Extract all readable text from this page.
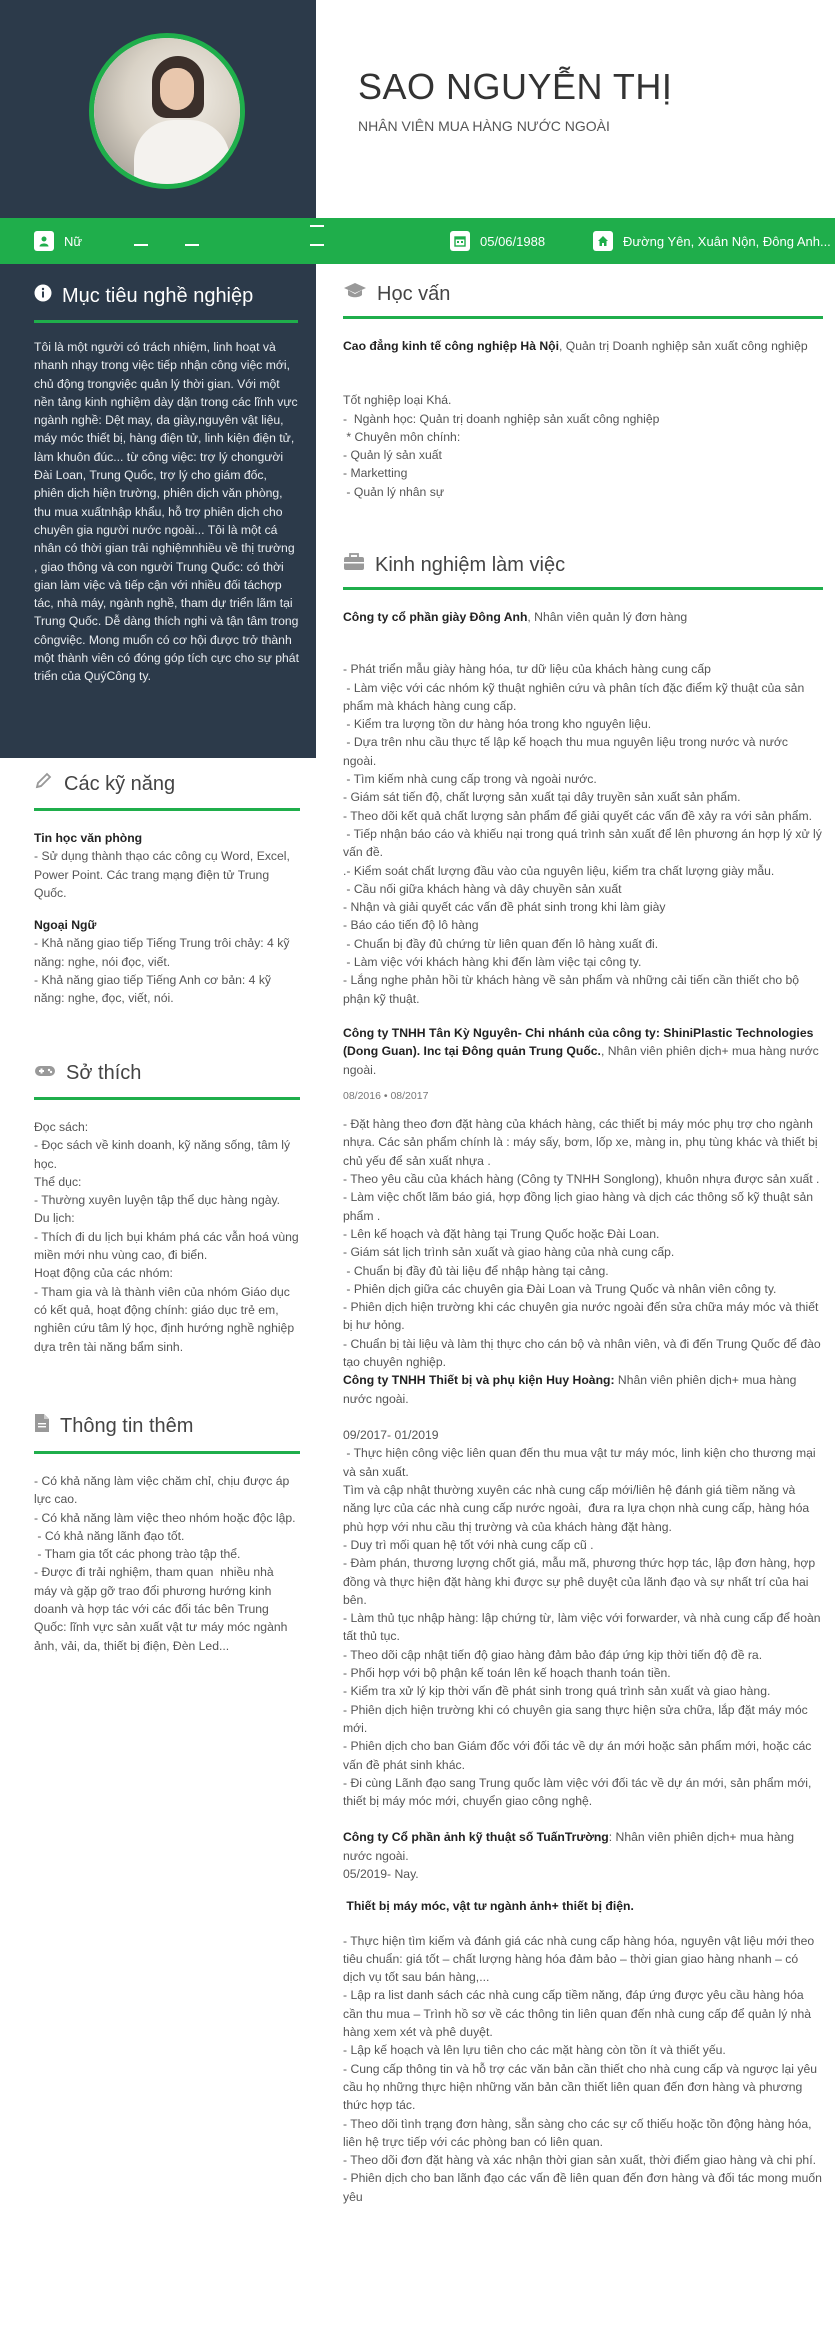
SAO NGUYỄN THỊ
NHÂN VIÊN MUA HÀNG NƯỚC NGOÀI
Nữ	05/06/1988	Đường Yên, Xuân Nộn, Đông Anh...
Mục tiêu nghề nghiệp
Tôi là một người có trách nhiệm, linh hoạt và nhanh nhạy trong việc tiếp nhận công việc mới, chủ động trongviệc quản lý thời gian. Với một nền tảng kinh nghiệm dày dặn trong các lĩnh vực ngành nghề: Dệt may, da giày,nguyên vật liệu, máy móc thiết bị, hàng điện tử, linh kiện điện tử, làm khuôn đúc... từ công việc: trợ lý chongười Đài Loan, Trung Quốc, trợ lý cho giám đốc, phiên dịch hiện trường, phiên dịch văn phòng, thu mua xuấtnhập khẩu, hỗ trợ phiên dịch cho chuyên gia người nước ngoài... Tôi là một cá nhân có thời gian trải nghiệmnhiều về thị trường , giao thông và con người Trung Quốc: có thời gian làm việc và tiếp cận với nhiều đối táchợp tác, nhà máy, ngành nghề, tham dự triển lãm tại Trung Quốc. Dễ dàng thích nghi và tận tâm trong côngviệc. Mong muốn có cơ hội được trở thành một thành viên có đóng góp tích cực cho sự phát triển của QuýCông ty.
Các kỹ năng
Tin học văn phòng
- Sử dụng thành thạo các công cụ Word, Excel, Power Point. Các trang mạng điện tử Trung Quốc.
Ngoại Ngữ
- Khả năng giao tiếp Tiếng Trung trôi chảy: 4 kỹ năng: nghe, nói đọc, viết.
- Khả năng giao tiếp Tiếng Anh cơ bản: 4 kỹ năng: nghe, đọc, viết, nói.
Sở thích
Đọc sách:
- Đọc sách về kinh doanh, kỹ năng sống, tâm lý học.
Thể dục:
- Thường xuyên luyện tập thể dục hàng ngày.
Du lịch:
- Thích đi du lịch bụi khám phá các vẫn hoá vùng miền mới nhu vùng cao, đi biển.
Hoạt động của các nhóm:
- Tham gia và là thành viên của nhóm Giáo dục có kết quả, hoạt động chính: giáo dục trẻ em, nghiên cứu tâm lý học, định hướng nghề nghiệp dựa trên tài năng bẩm sinh.
Thông tin thêm
- Có khả năng làm việc chăm chỉ, chịu được áp lực cao.
- Có khả năng làm việc theo nhóm hoặc độc lập.
- Có khả năng lãnh đạo tốt.
- Tham gia tốt các phong trào tập thể.
- Được đi trải nghiệm, tham quan  nhiều nhà máy và gặp gỡ trao đổi phương hướng kinh doanh và hợp tác với các đối tác bên Trung Quốc: lĩnh vực sản xuất vật tư máy móc ngành ảnh, vải, da, thiết bị điện, Đèn Led...
Học vấn
Cao đẳng kinh tế công nghiệp Hà Nội, Quản trị Doanh nghiệp sản xuất công nghiệp
Tốt nghiệp loại Khá.
-  Ngành học: Quản trị doanh nghiệp sản xuất công nghiệp
* Chuyên môn chính:
- Quản lý sản xuất
- Marketting
- Quản lý nhân sự
Kinh nghiệm làm việc
Công ty cổ phần giày Đông Anh, Nhân viên quản lý đơn hàng
- Phát triển mẫu giày hàng hóa, tư dữ liệu của khách hàng cung cấp
- Làm việc với các nhóm kỹ thuật nghiên cứu và phân tích đặc điểm kỹ thuật của sản phẩm mà khách hàng cung cấp.
- Kiểm tra lượng tồn dư hàng hóa trong kho nguyên liệu.
- Dựa trên nhu cầu thực tế lập kế hoạch thu mua nguyên liệu trong nước và nước ngoài.
- Tìm kiếm nhà cung cấp trong và ngoài nước.
- Giám sát tiến độ, chất lượng sản xuất tại dây truyền sản xuất sản phẩm.
- Theo dõi kết quả chất lượng sản phẩm để giải quyết các vấn đề xảy ra với sản phẩm.
- Tiếp nhận báo cáo và khiếu nại trong quá trình sản xuất để lên phương án hợp lý xử lý vấn đề.
.- Kiểm soát chất lượng đầu vào của nguyên liệu, kiểm tra chất lượng giày mẫu.
- Cầu nối giữa khách hàng và dây chuyền sản xuất
- Nhận và giải quyết các vấn đề phát sinh trong khi làm giày
- Báo cáo tiến độ lô hàng
- Chuẩn bị đầy đủ chứng từ liên quan đến lô hàng xuất đi.
- Làm việc với khách hàng khi đến làm việc tại công ty.
- Lắng nghe phản hồi từ khách hàng về sản phẩm và những cải tiến cần thiết cho bộ phận kỹ thuật.
Công ty TNHH Tân Kỳ Nguyên- Chi nhánh của công ty: ShiniPlastic Technologies (Dong Guan). Inc tại Đông quản Trung Quốc., Nhân viên phiên dịch+ mua hàng nước ngoài.
08/2016 • 08/2017
- Đặt hàng theo đơn đặt hàng của khách hàng, các thiết bị máy móc phụ trợ cho ngành nhựa. Các sản phẩm chính là : máy sấy, bơm, lốp xe, màng in, phụ tùng khác và thiết bị chủ yếu để sản xuất nhựa .
- Theo yêu cầu của khách hàng (Công ty TNHH Songlong), khuôn nhựa được sản xuất .
- Làm việc chốt lãm báo giá, hợp đồng lịch giao hàng và dịch các thông số kỹ thuật sản phẩm .
- Lên kế hoạch và đặt hàng tại Trung Quốc hoặc Đài Loan.
- Giám sát lịch trình sản xuất và giao hàng của nhà cung cấp.
- Chuẩn bị đầy đủ tài liệu để nhập hàng tại cảng.
- Phiên dịch giữa các chuyên gia Đài Loan và Trung Quốc và nhân viên công ty.
- Phiên dịch hiện trường khi các chuyên gia nước ngoài đến sửa chữa máy móc và thiết bị hư hỏng.
- Chuẩn bị tài liệu và làm thị thực cho cán bộ và nhân viên, và đi đến Trung Quốc để đào tạo chuyên nghiệp.
Công ty TNHH Thiết bị và phụ kiện Huy Hoàng: Nhân viên phiên dịch+ mua hàng nước ngoài.

09/2017- 01/2019
- Thực hiện công việc liên quan đến thu mua vật tư máy móc, linh kiện cho thương mại và sản xuất.
Tìm và cập nhật thường xuyên các nhà cung cấp mới/liên hệ đánh giá tiềm năng và năng lực của các nhà cung cấp nước ngoài,  đưa ra lựa chọn nhà cung cấp, hàng hóa phù hợp với nhu cầu thị trường và của khách hàng đặt hàng.
- Duy trì mối quan hệ tốt với nhà cung cấp cũ .
- Đàm phán, thương lượng chốt giá, mẫu mã, phương thức hợp tác, lập đơn hàng, hợp đồng và thực hiện đặt hàng khi được sự phê duyệt của lãnh đạo và sự nhất trí của hai bên.
- Làm thủ tục nhập hàng: lập chứng từ, làm việc với forwarder, và nhà cung cấp để hoàn tất thủ tục.
- Theo dõi cập nhật tiến độ giao hàng đảm bảo đáp ứng kịp thời tiến độ đề ra.
- Phối hợp với bộ phận kế toán lên kế hoạch thanh toán tiền.
- Kiểm tra xử lý kịp thời vấn đề phát sinh trong quá trình sản xuất và giao hàng.
- Phiên dịch hiện trường khi có chuyên gia sang thực hiện sửa chữa, lắp đặt máy móc mới.
- Phiên dịch cho ban Giám đốc với đối tác về dự án mới hoặc sản phẩm mới, hoặc các vấn đề phát sinh khác.
- Đi cùng Lãnh đạo sang Trung quốc làm việc với đối tác về dự án mới, sản phẩm mới, thiết bị máy móc mới, chuyển giao công nghệ.
Công ty Cổ phần ảnh kỹ thuật số TuấnTrường: Nhân viên phiên dịch+ mua hàng nước ngoài.
05/2019- Nay.
Thiết bị máy móc, vật tư ngành ảnh+ thiết bị điện.
- Thực hiện tìm kiếm và đánh giá các nhà cung cấp hàng hóa, nguyên vật liệu mới theo tiêu chuẩn: giá tốt – chất lượng hàng hóa đảm bảo – thời gian giao hàng nhanh – có dịch vụ tốt sau bán hàng,...
- Lập ra list danh sách các nhà cung cấp tiềm năng, đáp ứng được yêu cầu hàng hóa cần thu mua – Trình hồ sơ về các thông tin liên quan đến nhà cung cấp để quản lý nhà hàng xem xét và phê duyệt.
- Lập kế hoạch và lên lựu tiên cho các mặt hàng còn tồn ít và thiết yếu.
- Cung cấp thông tin và hỗ trợ các văn bản cần thiết cho nhà cung cấp và ngược lại yêu cầu họ những thực hiện những văn bản cần thiết liên quan đến đơn hàng và phương thức hợp tác.
- Theo dõi tình trạng đơn hàng, sẵn sàng cho các sự cố thiếu hoặc tồn động hàng hóa, liên hệ trực tiếp với các phòng ban có liên quan.
- Theo dõi đơn đặt hàng và xác nhận thời gian sản xuất, thời điểm giao hàng và chi phí.
- Phiên dịch cho ban lãnh đạo các vấn đề liên quan đến đơn hàng và đối tác mong muốn yêu
